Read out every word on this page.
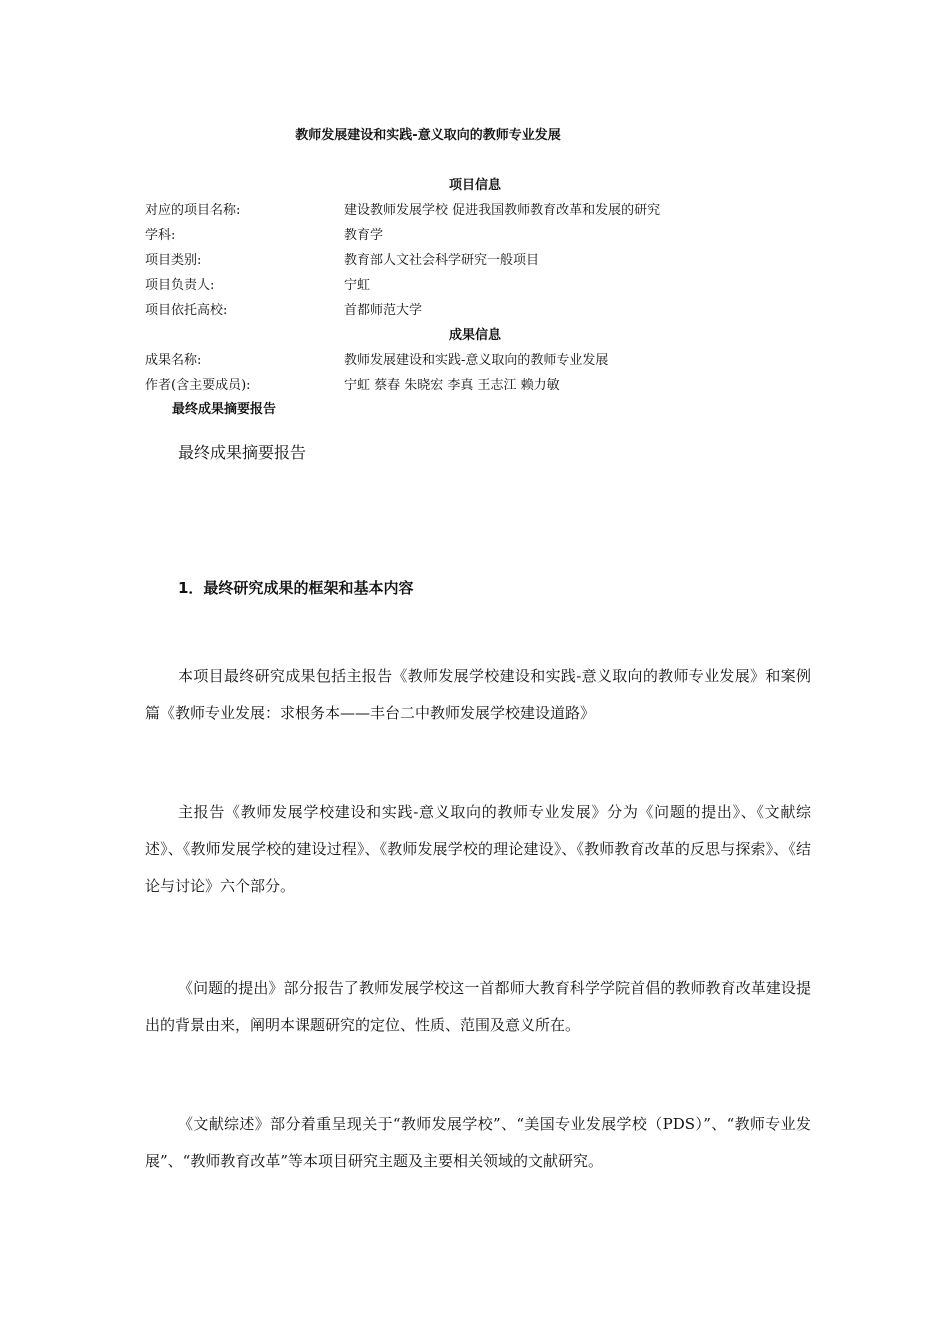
教师发展建设和实践-意义取向的教师专业发展
项目信息
对应的项目名称:	建设教师发展学校 促进我国教师教育改革和发展的研究
学科:	教育学
项目类别:	教育部人文社会科学研究一般项目
项目负责人:	宁虹
项目依托高校:	首都师范大学
成果信息
成果名称:	教师发展建设和实践-意义取向的教师专业发展
作者(含主要成员):	宁虹 蔡春 朱晓宏 李真 王志江 赖力敏
最终成果摘要报告
最终成果摘要报告
1．最终研究成果的框架和基本内容

本项目最终研究成果包括主报告《教师发展学校建设和实践-意义取向的教师专业发展》和案例篇《教师专业发展：求根务本——丰台二中教师发展学校建设道路》

主报告《教师发展学校建设和实践-意义取向的教师专业发展》分为《问题的提出》、《文献综述》、《教师发展学校的建设过程》、《教师发展学校的理论建设》、《教师教育改革的反思与探索》、《结论与讨论》六个部分。

《问题的提出》部分报告了教师发展学校这一首都师大教育科学学院首倡的教师教育改革建设提出的背景由来，阐明本课题研究的定位、性质、范围及意义所在。

《文献综述》部分着重呈现关于“教师发展学校”、“美国专业发展学校（PDS）”、“教师专业发展”、“教师教育改革”等本项目研究主题及主要相关领域的文献研究。
